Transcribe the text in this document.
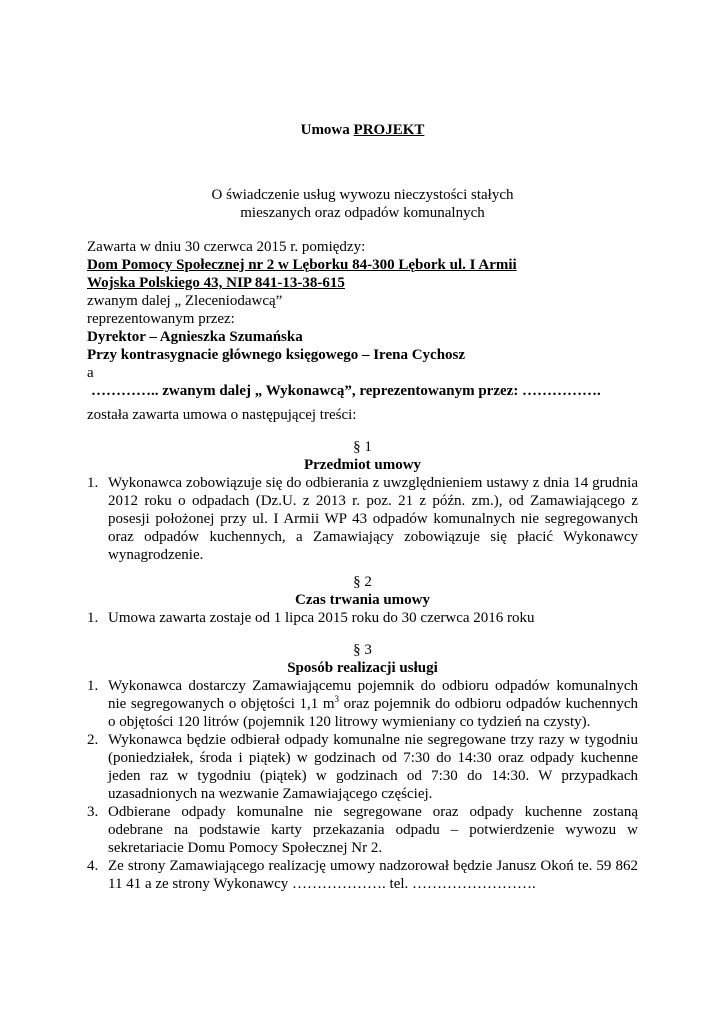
Umowa PROJEKT
O świadczenie usług wywozu nieczystości stałych
mieszanych oraz odpadów komunalnych
Zawarta w dniu 30 czerwca 2015 r. pomiędzy:
Dom Pomocy Społecznej nr 2 w Lęborku 84-300 Lębork ul. I Armii
Wojska Polskiego 43, NIP 841-13-38-615
zwanym dalej „ Zleceniodawcą”
reprezentowanym przez:
Dyrektor – Agnieszka Szumańska
Przy kontrasygnacie głównego księgowego – Irena Cychosz
a
………….. zwanym dalej „ Wykonawcą”, reprezentowanym przez: …………….
została zawarta umowa o następującej treści:
§ 1
Przedmiot umowy
1. Wykonawca zobowiązuje się do odbierania z uwzględnieniem ustawy z dnia 14 grudnia 2012 roku o odpadach (Dz.U. z 2013 r. poz. 21 z późn. zm.), od Zamawiającego z posesji położonej przy ul. I Armii WP 43 odpadów komunalnych nie segregowanych oraz odpadów kuchennych, a Zamawiający zobowiązuje się płacić Wykonawcy wynagrodzenie.
§ 2
Czas trwania umowy
1. Umowa zawarta zostaje od 1 lipca 2015 roku do 30 czerwca 2016 roku
§ 3
Sposób realizacji usługi
1. Wykonawca dostarczy Zamawiającemu pojemnik do odbioru odpadów komunalnych nie segregowanych o objętości 1,1 $m^3$ oraz pojemnik do odbioru odpadów kuchennych o objętości 120 litrów (pojemnik 120 litrowy wymieniany co tydzień na czysty).
2. Wykonawca będzie odbierał odpady komunalne nie segregowane trzy razy w tygodniu (poniedziałek, środa i piątek) w godzinach od 7:30 do 14:30 oraz odpady kuchenne jeden raz w tygodniu (piątek) w godzinach od 7:30 do 14:30. W przypadkach uzasadnionych na wezwanie Zamawiającego częściej.
3. Odbierane odpady komunalne nie segregowane oraz odpady kuchenne zostaną odebrane na podstawie karty przekazania odpadu – potwierdzenie wywozu w sekretariacie Domu Pomocy Społecznej Nr 2.
4. Ze strony Zamawiającego realizację umowy nadzorował będzie Janusz Okoń te. 59 862 11 41 a ze strony Wykonawcy ………………. tel. …………………….
